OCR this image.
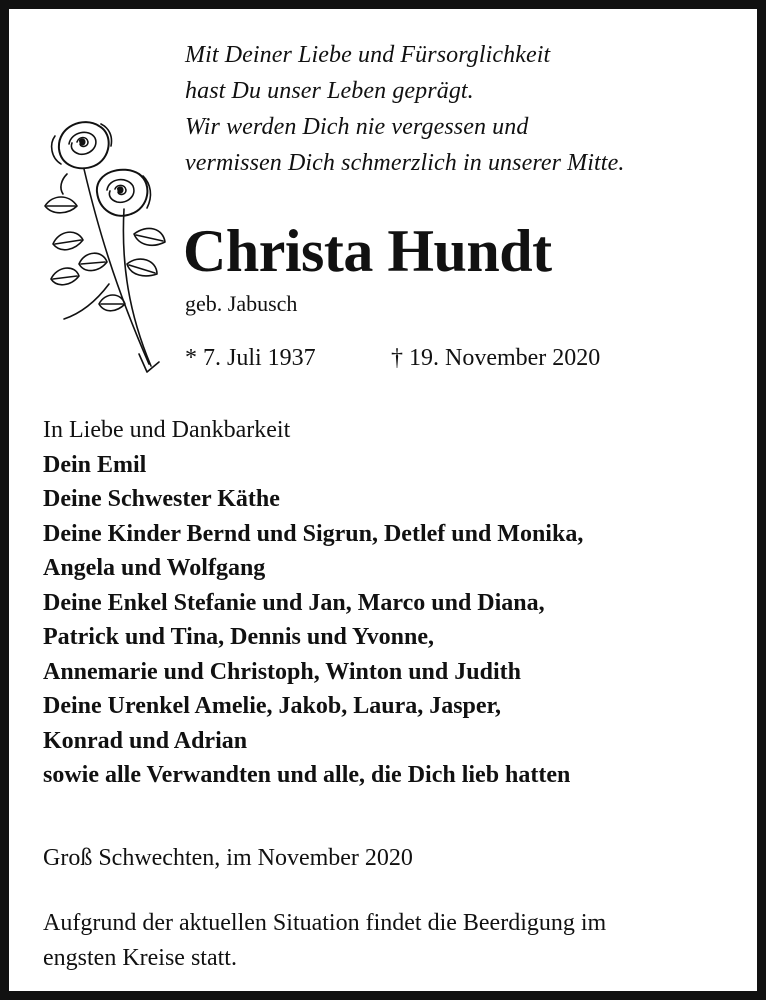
Mit Deiner Liebe und Fürsorglichkeit
hast Du unser Leben geprägt.
Wir werden Dich nie vergessen und
vermissen Dich schmerzlich in unserer Mitte.
Christa Hundt
geb. Jabusch
* 7. Juli 1937	† 19. November 2020
In Liebe und Dankbarkeit
Dein Emil
Deine Schwester Käthe
Deine Kinder Bernd und Sigrun, Detlef und Monika,
Angela und Wolfgang
Deine Enkel Stefanie und Jan, Marco und Diana,
Patrick und Tina, Dennis und Yvonne,
Annemarie und Christoph, Winton und Judith
Deine Urenkel Amelie, Jakob, Laura, Jasper,
Konrad und Adrian
sowie alle Verwandten und alle, die Dich lieb hatten
Groß Schwechten, im November 2020
Aufgrund der aktuellen Situation findet die Beerdigung im
engsten Kreise statt.
